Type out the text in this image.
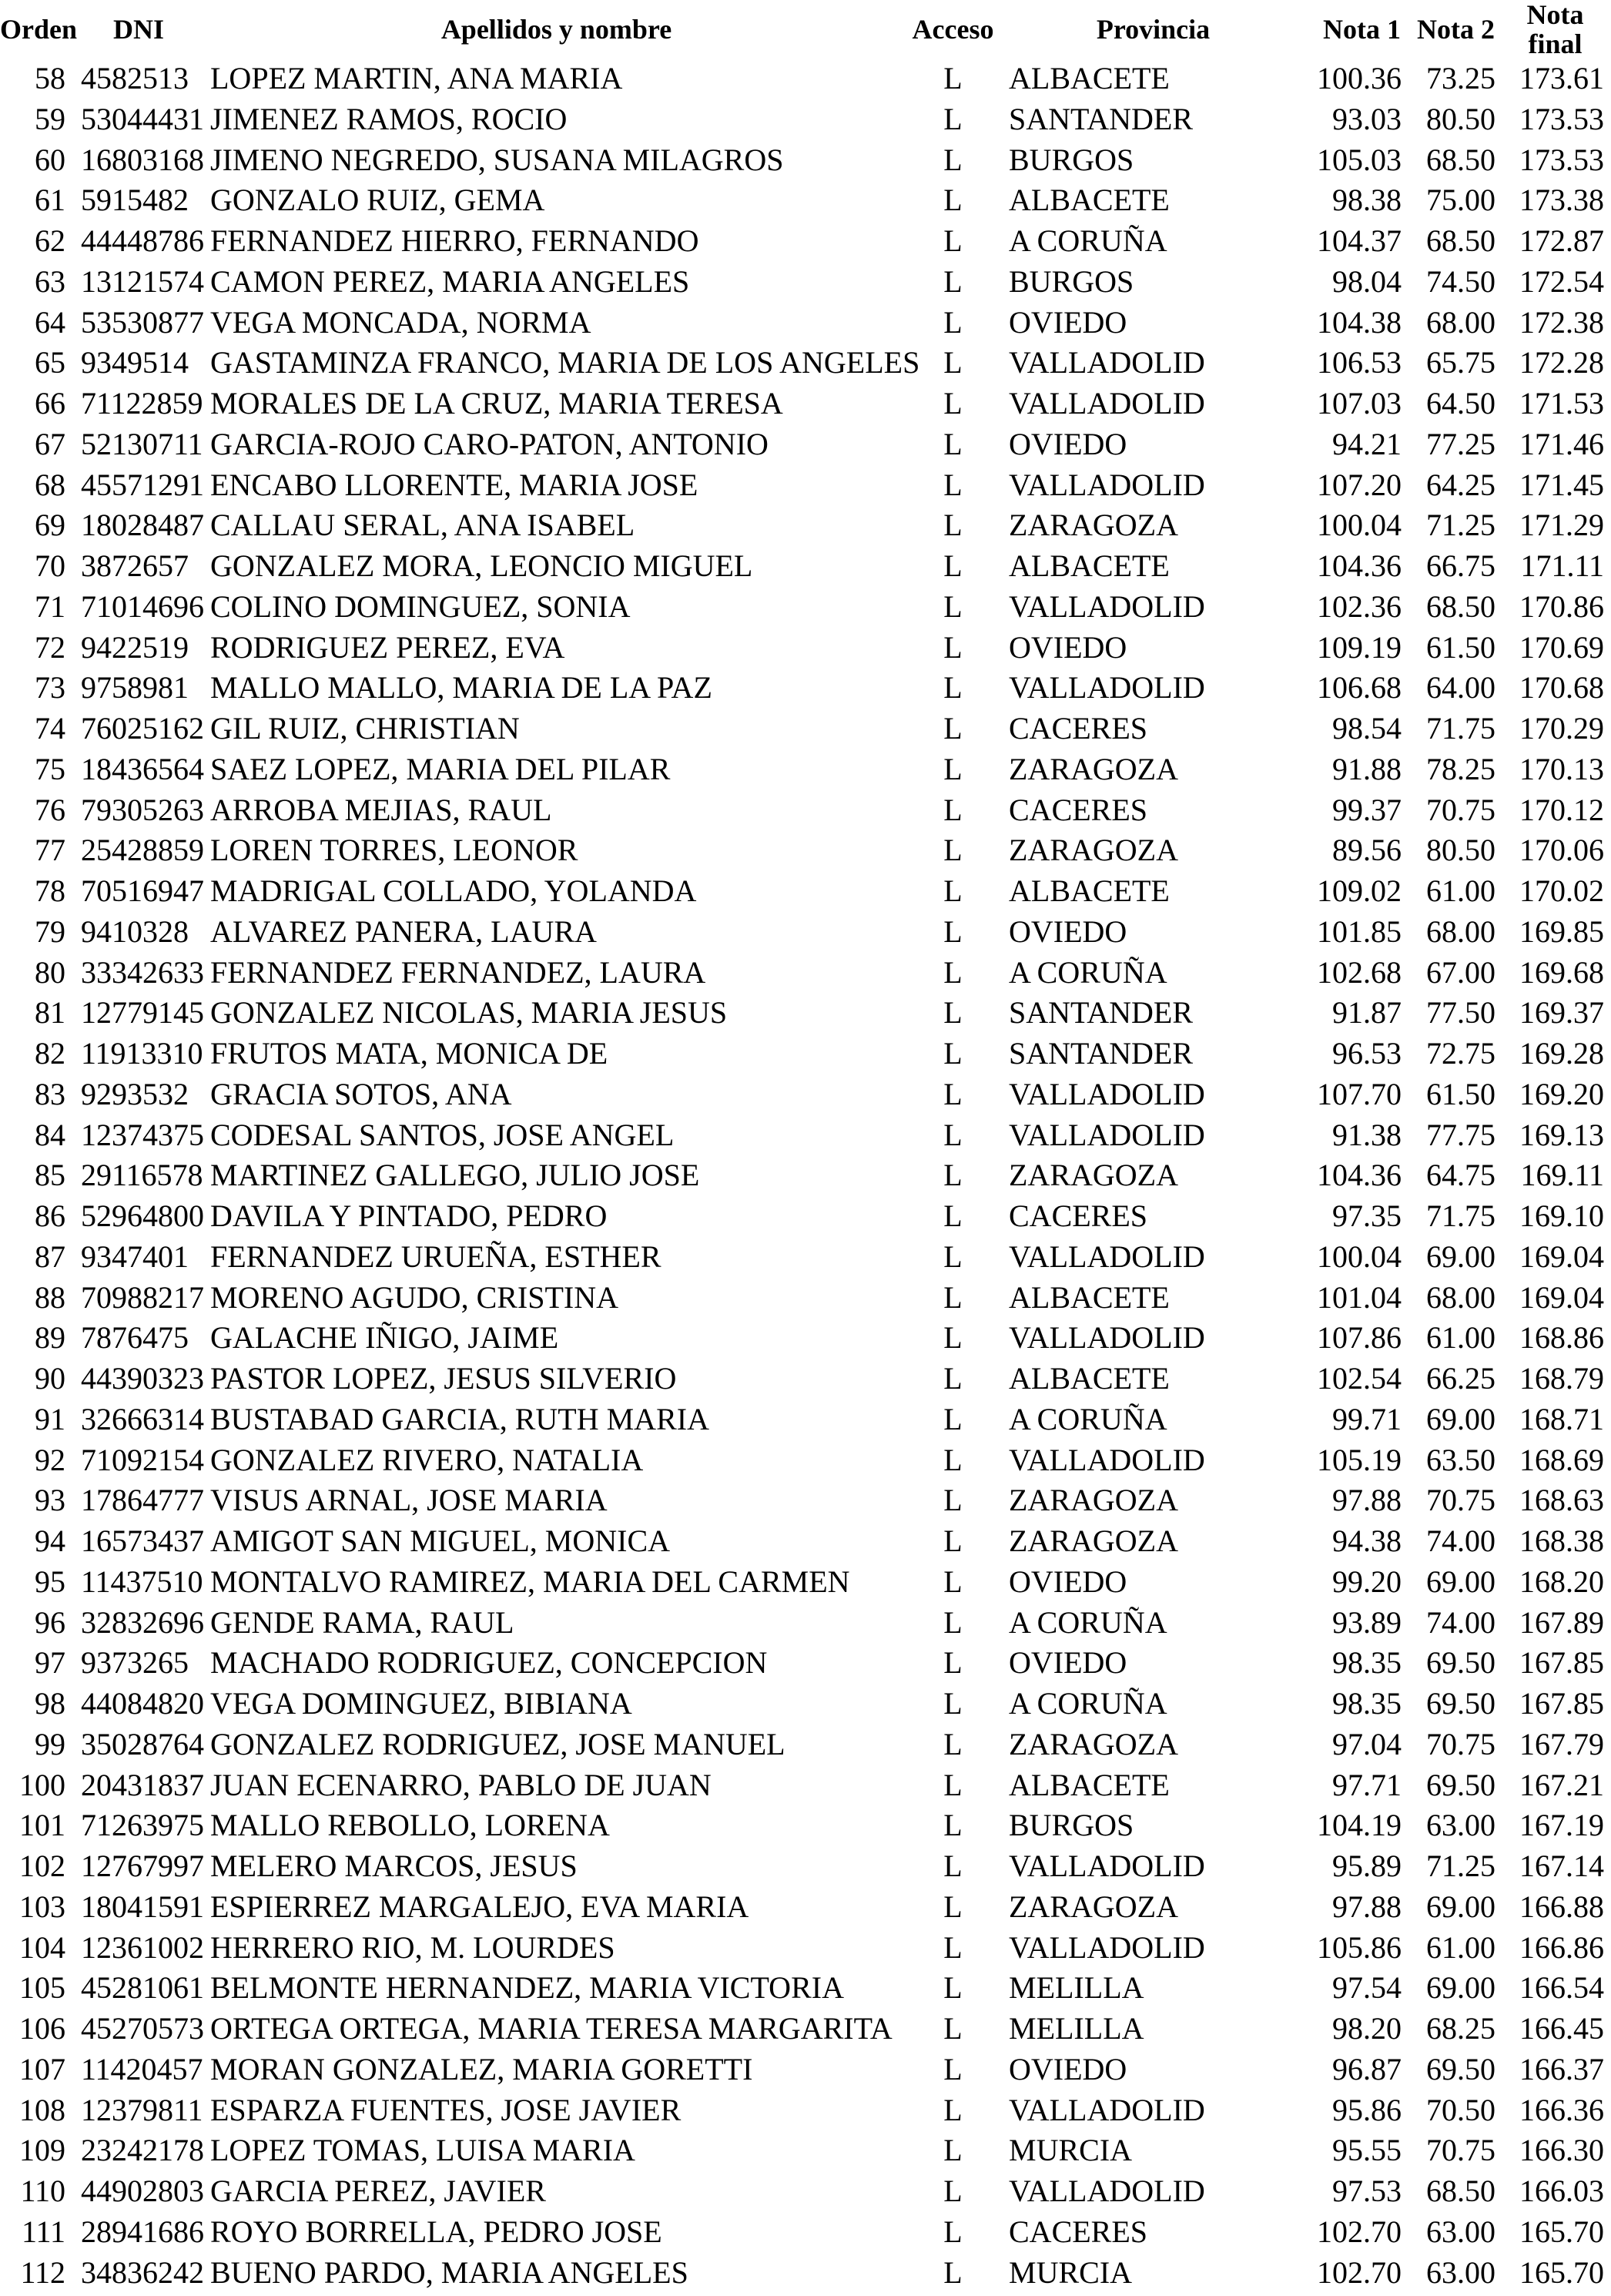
Orden	DNI	Apellidos y nombre	Acceso	Provincia	Nota 1	Nota 2	Nota final
58	4582513	LOPEZ MARTIN, ANA MARIA	L	ALBACETE	100.36	73.25	173.61
59	53044431	JIMENEZ RAMOS, ROCIO	L	SANTANDER	93.03	80.50	173.53
60	16803168	JIMENO NEGREDO, SUSANA MILAGROS	L	BURGOS	105.03	68.50	173.53
61	5915482	GONZALO RUIZ, GEMA	L	ALBACETE	98.38	75.00	173.38
62	44448786	FERNANDEZ HIERRO, FERNANDO	L	A CORUÑA	104.37	68.50	172.87
63	13121574	CAMON PEREZ, MARIA ANGELES	L	BURGOS	98.04	74.50	172.54
64	53530877	VEGA MONCADA, NORMA	L	OVIEDO	104.38	68.00	172.38
65	9349514	GASTAMINZA FRANCO, MARIA DE LOS ANGELES	L	VALLADOLID	106.53	65.75	172.28
66	71122859	MORALES DE LA CRUZ, MARIA TERESA	L	VALLADOLID	107.03	64.50	171.53
67	52130711	GARCIA-ROJO CARO-PATON, ANTONIO	L	OVIEDO	94.21	77.25	171.46
68	45571291	ENCABO LLORENTE, MARIA JOSE	L	VALLADOLID	107.20	64.25	171.45
69	18028487	CALLAU SERAL, ANA ISABEL	L	ZARAGOZA	100.04	71.25	171.29
70	3872657	GONZALEZ MORA, LEONCIO MIGUEL	L	ALBACETE	104.36	66.75	171.11
71	71014696	COLINO DOMINGUEZ, SONIA	L	VALLADOLID	102.36	68.50	170.86
72	9422519	RODRIGUEZ PEREZ, EVA	L	OVIEDO	109.19	61.50	170.69
73	9758981	MALLO MALLO, MARIA DE LA PAZ	L	VALLADOLID	106.68	64.00	170.68
74	76025162	GIL RUIZ, CHRISTIAN	L	CACERES	98.54	71.75	170.29
75	18436564	SAEZ LOPEZ, MARIA DEL PILAR	L	ZARAGOZA	91.88	78.25	170.13
76	79305263	ARROBA MEJIAS, RAUL	L	CACERES	99.37	70.75	170.12
77	25428859	LOREN TORRES, LEONOR	L	ZARAGOZA	89.56	80.50	170.06
78	70516947	MADRIGAL COLLADO, YOLANDA	L	ALBACETE	109.02	61.00	170.02
79	9410328	ALVAREZ PANERA, LAURA	L	OVIEDO	101.85	68.00	169.85
80	33342633	FERNANDEZ FERNANDEZ, LAURA	L	A CORUÑA	102.68	67.00	169.68
81	12779145	GONZALEZ NICOLAS, MARIA JESUS	L	SANTANDER	91.87	77.50	169.37
82	11913310	FRUTOS MATA, MONICA DE	L	SANTANDER	96.53	72.75	169.28
83	9293532	GRACIA SOTOS, ANA	L	VALLADOLID	107.70	61.50	169.20
84	12374375	CODESAL SANTOS, JOSE ANGEL	L	VALLADOLID	91.38	77.75	169.13
85	29116578	MARTINEZ GALLEGO, JULIO JOSE	L	ZARAGOZA	104.36	64.75	169.11
86	52964800	DAVILA Y PINTADO, PEDRO	L	CACERES	97.35	71.75	169.10
87	9347401	FERNANDEZ URUEÑA, ESTHER	L	VALLADOLID	100.04	69.00	169.04
88	70988217	MORENO AGUDO, CRISTINA	L	ALBACETE	101.04	68.00	169.04
89	7876475	GALACHE IÑIGO, JAIME	L	VALLADOLID	107.86	61.00	168.86
90	44390323	PASTOR LOPEZ, JESUS SILVERIO	L	ALBACETE	102.54	66.25	168.79
91	32666314	BUSTABAD GARCIA, RUTH MARIA	L	A CORUÑA	99.71	69.00	168.71
92	71092154	GONZALEZ RIVERO, NATALIA	L	VALLADOLID	105.19	63.50	168.69
93	17864777	VISUS ARNAL, JOSE MARIA	L	ZARAGOZA	97.88	70.75	168.63
94	16573437	AMIGOT SAN MIGUEL, MONICA	L	ZARAGOZA	94.38	74.00	168.38
95	11437510	MONTALVO RAMIREZ, MARIA DEL CARMEN	L	OVIEDO	99.20	69.00	168.20
96	32832696	GENDE RAMA, RAUL	L	A CORUÑA	93.89	74.00	167.89
97	9373265	MACHADO RODRIGUEZ, CONCEPCION	L	OVIEDO	98.35	69.50	167.85
98	44084820	VEGA DOMINGUEZ, BIBIANA	L	A CORUÑA	98.35	69.50	167.85
99	35028764	GONZALEZ RODRIGUEZ, JOSE MANUEL	L	ZARAGOZA	97.04	70.75	167.79
100	20431837	JUAN ECENARRO, PABLO DE JUAN	L	ALBACETE	97.71	69.50	167.21
101	71263975	MALLO REBOLLO, LORENA	L	BURGOS	104.19	63.00	167.19
102	12767997	MELERO MARCOS, JESUS	L	VALLADOLID	95.89	71.25	167.14
103	18041591	ESPIERREZ MARGALEJO, EVA MARIA	L	ZARAGOZA	97.88	69.00	166.88
104	12361002	HERRERO RIO, M. LOURDES	L	VALLADOLID	105.86	61.00	166.86
105	45281061	BELMONTE HERNANDEZ, MARIA VICTORIA	L	MELILLA	97.54	69.00	166.54
106	45270573	ORTEGA ORTEGA, MARIA TERESA MARGARITA	L	MELILLA	98.20	68.25	166.45
107	11420457	MORAN GONZALEZ, MARIA GORETTI	L	OVIEDO	96.87	69.50	166.37
108	12379811	ESPARZA FUENTES, JOSE JAVIER	L	VALLADOLID	95.86	70.50	166.36
109	23242178	LOPEZ TOMAS, LUISA MARIA	L	MURCIA	95.55	70.75	166.30
110	44902803	GARCIA PEREZ, JAVIER	L	VALLADOLID	97.53	68.50	166.03
111	28941686	ROYO BORRELLA, PEDRO JOSE	L	CACERES	102.70	63.00	165.70
112	34836242	BUENO PARDO, MARIA ANGELES	L	MURCIA	102.70	63.00	165.70
